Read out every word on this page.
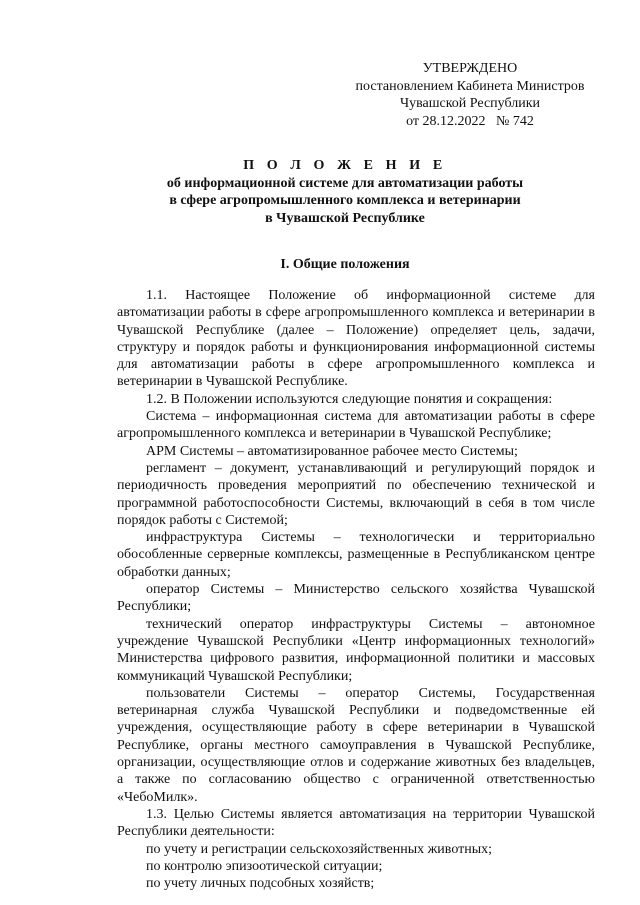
УТВЕРЖДЕНО
постановлением Кабинета Министров
Чувашской Республики
от 28.12.2022   № 742
П О Л О Ж Е Н И Е
об информационной системе для автоматизации работы
в сфере агропромышленного комплекса и ветеринарии
в Чувашской Республике
I. Общие положения

1.1. Настоящее Положение об информационной системе для автоматизации работы в сфере агропромышленного комплекса и ветеринарии в Чувашской Республике (далее – Положение) определяет цель, задачи, структуру и порядок работы и функционирования информационной системы для автоматизации работы в сфере агропромышленного комплекса и ветеринарии в Чувашской Республике.

1.2. В Положении используются следующие понятия и сокращения:

Система – информационная система для автоматизации работы в сфере агропромышленного комплекса и ветеринарии в Чувашской Республике;

АРМ Системы – автоматизированное рабочее место Системы;

регламент – документ, устанавливающий и регулирующий порядок и периодичность проведения мероприятий по обеспечению технической и программной работоспособности Системы, включающий в себя в том числе порядок работы с Системой;

инфраструктура Системы – технологически и территориально обособленные серверные комплексы, размещенные в Республиканском центре обработки данных;

оператор Системы – Министерство сельского хозяйства Чувашской Республики;

технический оператор инфраструктуры Системы – автономное учреждение Чувашской Республики «Центр информационных технологий» Министерства цифрового развития, информационной политики и массовых коммуникаций Чувашской Республики;

пользователи Системы – оператор Системы, Государственная ветеринарная служба Чувашской Республики и подведомственные ей учреждения, осуществляющие работу в сфере ветеринарии в Чувашской Республике, органы местного самоуправления в Чувашской Республике, организации, осуществляющие отлов и содержание животных без владельцев, а также по согласованию общество с ограниченной ответственностью «ЧебоМилк».

1.3. Целью Системы является автоматизация на территории Чувашской Республики деятельности:

по учету и регистрации сельскохозяйственных животных;

по контролю эпизоотической ситуации;

по учету личных подсобных хозяйств;
